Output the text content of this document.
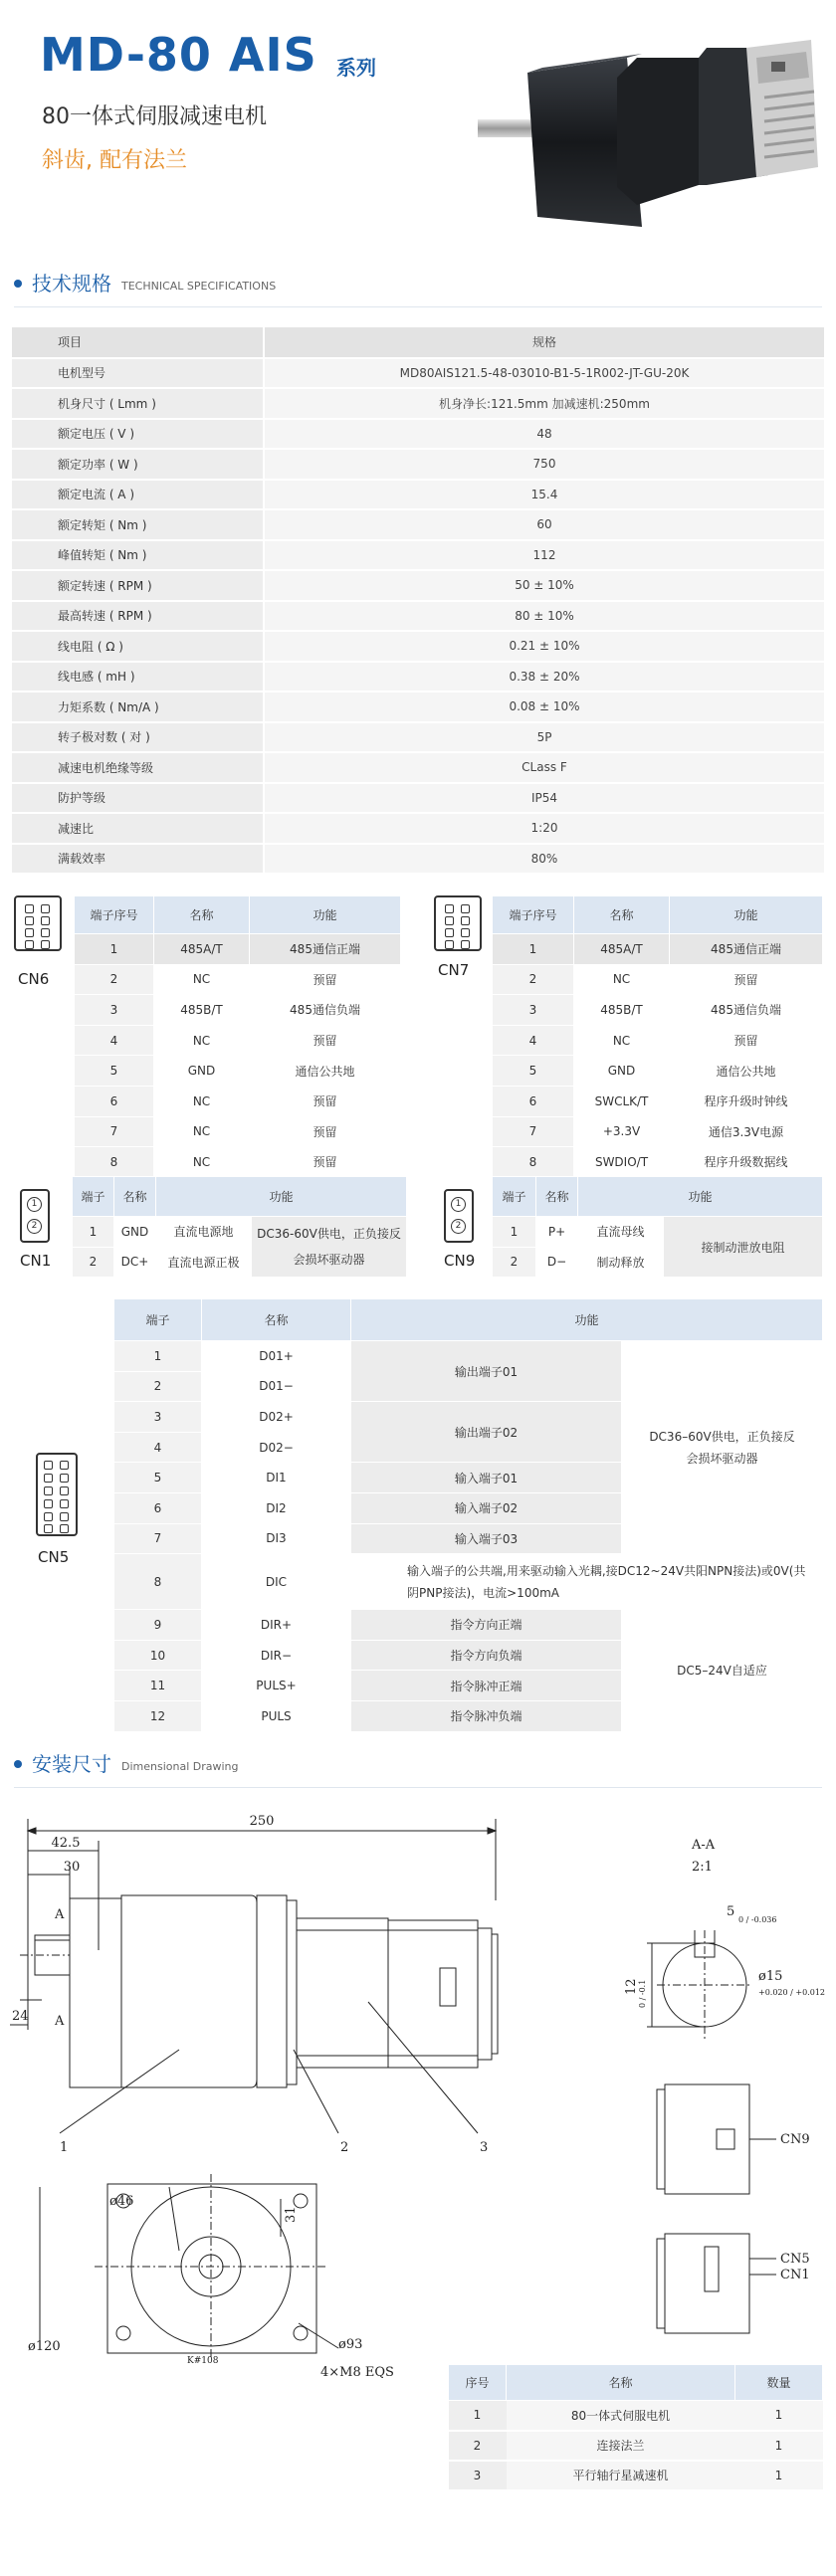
MD-80 AIS 系列
80一体式伺服减速电机
斜齿, 配有法兰
技术规格 TECHNICAL SPECIFICATIONS
项目	规格
电机型号	MD80AIS121.5-48-03010-B1-5-1R002-JT-GU-20K
机身尺寸 ( Lmm )	机身净长:121.5mm 加减速机:250mm
额定电压 ( V )	48
额定功率 ( W )	750
额定电流 ( A )	15.4
额定转矩 ( Nm )	60
峰值转矩 ( Nm )	112
额定转速 ( RPM )	50 ± 10%
最高转速 ( RPM )	80 ± 10%
线电阻 ( Ω )	0.21 ± 10%
线电感 ( mH )	0.38 ± 20%
力矩系数 ( Nm/A )	0.08 ± 10%
转子极对数 ( 对 )	5P
减速电机绝缘等级	CLass F
防护等级	IP54
减速比	1:20
满载效率	80%
CN6
端子序号	名称	功能
1	485A/T	485通信正端
2	NC	预留
3	485B/T	485通信负端
4	NC	预留
5	GND	通信公共地
6	NC	预留
7	NC	预留
8	NC	预留
CN7
端子序号	名称	功能
1	485A/T	485通信正端
2	NC	预留
3	485B/T	485通信负端
4	NC	预留
5	GND	通信公共地
6	SWCLK/T	程序升级时钟线
7	+3.3V	通信3.3V电源
8	SWDIO/T	程序升级数据线
1
2
CN1
端子	名称	功能	
1	GND	直流电源地	DC36-60V供电，正负接反会损坏驱动器
2	DC+	直流电源正极	
1
2
CN9
端子	名称	功能	
1	P+	直流母线	接制动泄放电阻
2	D−	制动释放	
CN5
端子	名称	功能	
1	D01+	输出端子01	DC36–60V供电，正负接反会损坏驱动器
2	D01−		
3	D02+	输出端子02	
4	D02−		
5	DI1	输入端子01	
6	DI2	输入端子02	
7	DI3	输入端子03	
8	DIC	输入端子的公共端,用来驱动输入光耦,接DC12~24V共阳NPN接法)或0V(共阴PNP接法)，电流>100mA	
9	DIR+	指令方向正端	DC5–24V自适应
10	DIR−	指令方向负端	
11	PULS+	指令脉冲正端	
12	PULS	指令脉冲负端	
安装尺寸 Dimensional Drawing
250
42.5
30
24
A
A
1	2	3
A-A
2:1
5
0 / -0.036
ø15
+0.020 / +0.012
12 0 / -0.1
CN9
CN5
CN1
ø46
31
ø120	ø93
4×M8 EQS
K#108
序号	名称	数量
1	80一体式伺服电机	1
2	连接法兰	1
3	平行轴行星减速机	1
